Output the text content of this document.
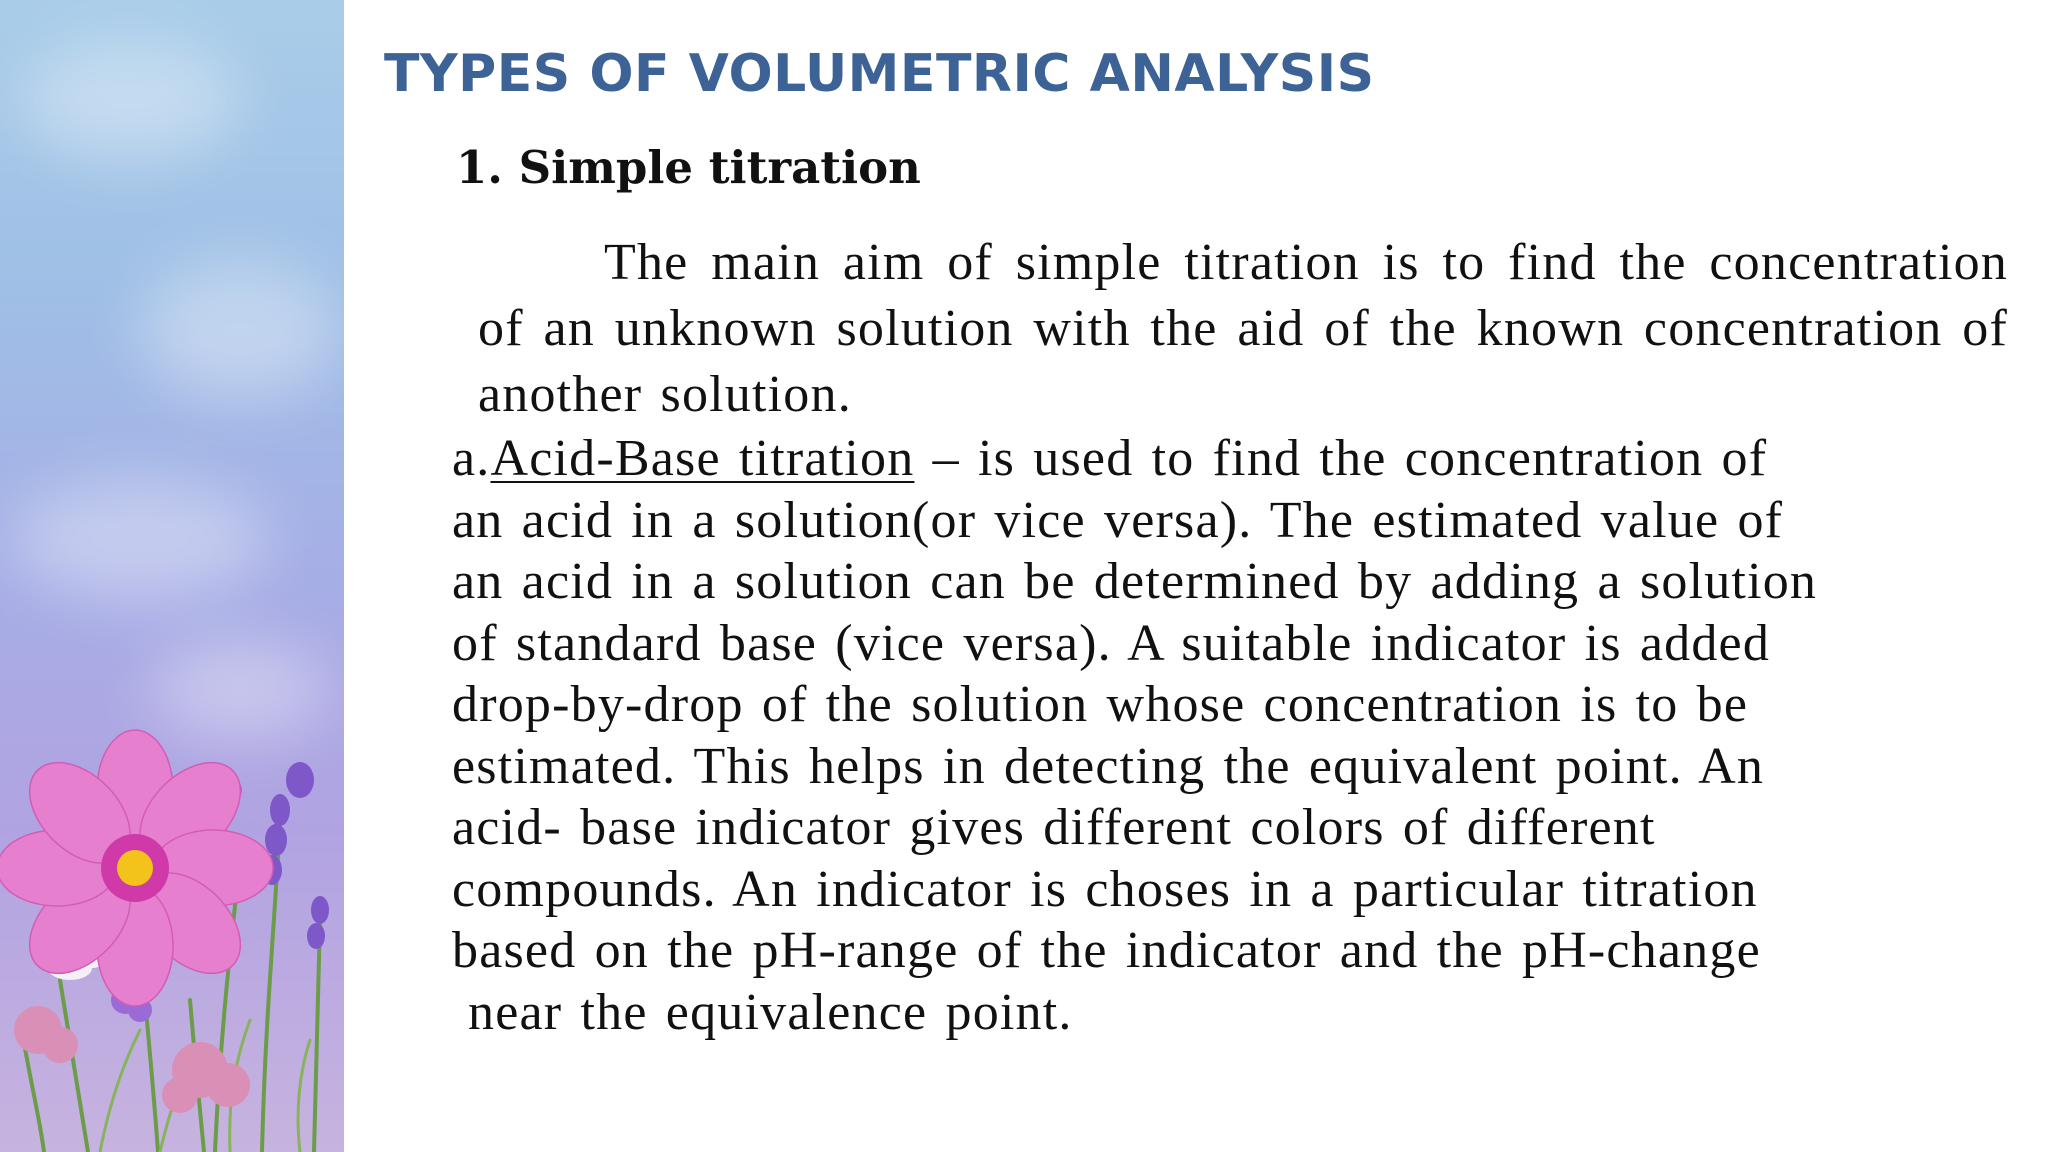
TYPES OF VOLUMETRIC ANALYSIS
1. Simple titration

The main aim of simple titration is to find the concentration of an unknown solution with the aid of the known concentration of another solution.

a.Acid-Base titration – is used to find the concentration of
an acid in a solution(or vice versa). The estimated value of
an acid in a solution can be determined by adding a solution
of standard base (vice versa). A suitable indicator is added
drop-by-drop of the solution whose concentration is to be
estimated. This helps in detecting the equivalent point. An
acid- base indicator gives different colors of different
compounds. An indicator is choses in a particular titration
based on the pH-range of the indicator and the pH-change
near the equivalence point.
